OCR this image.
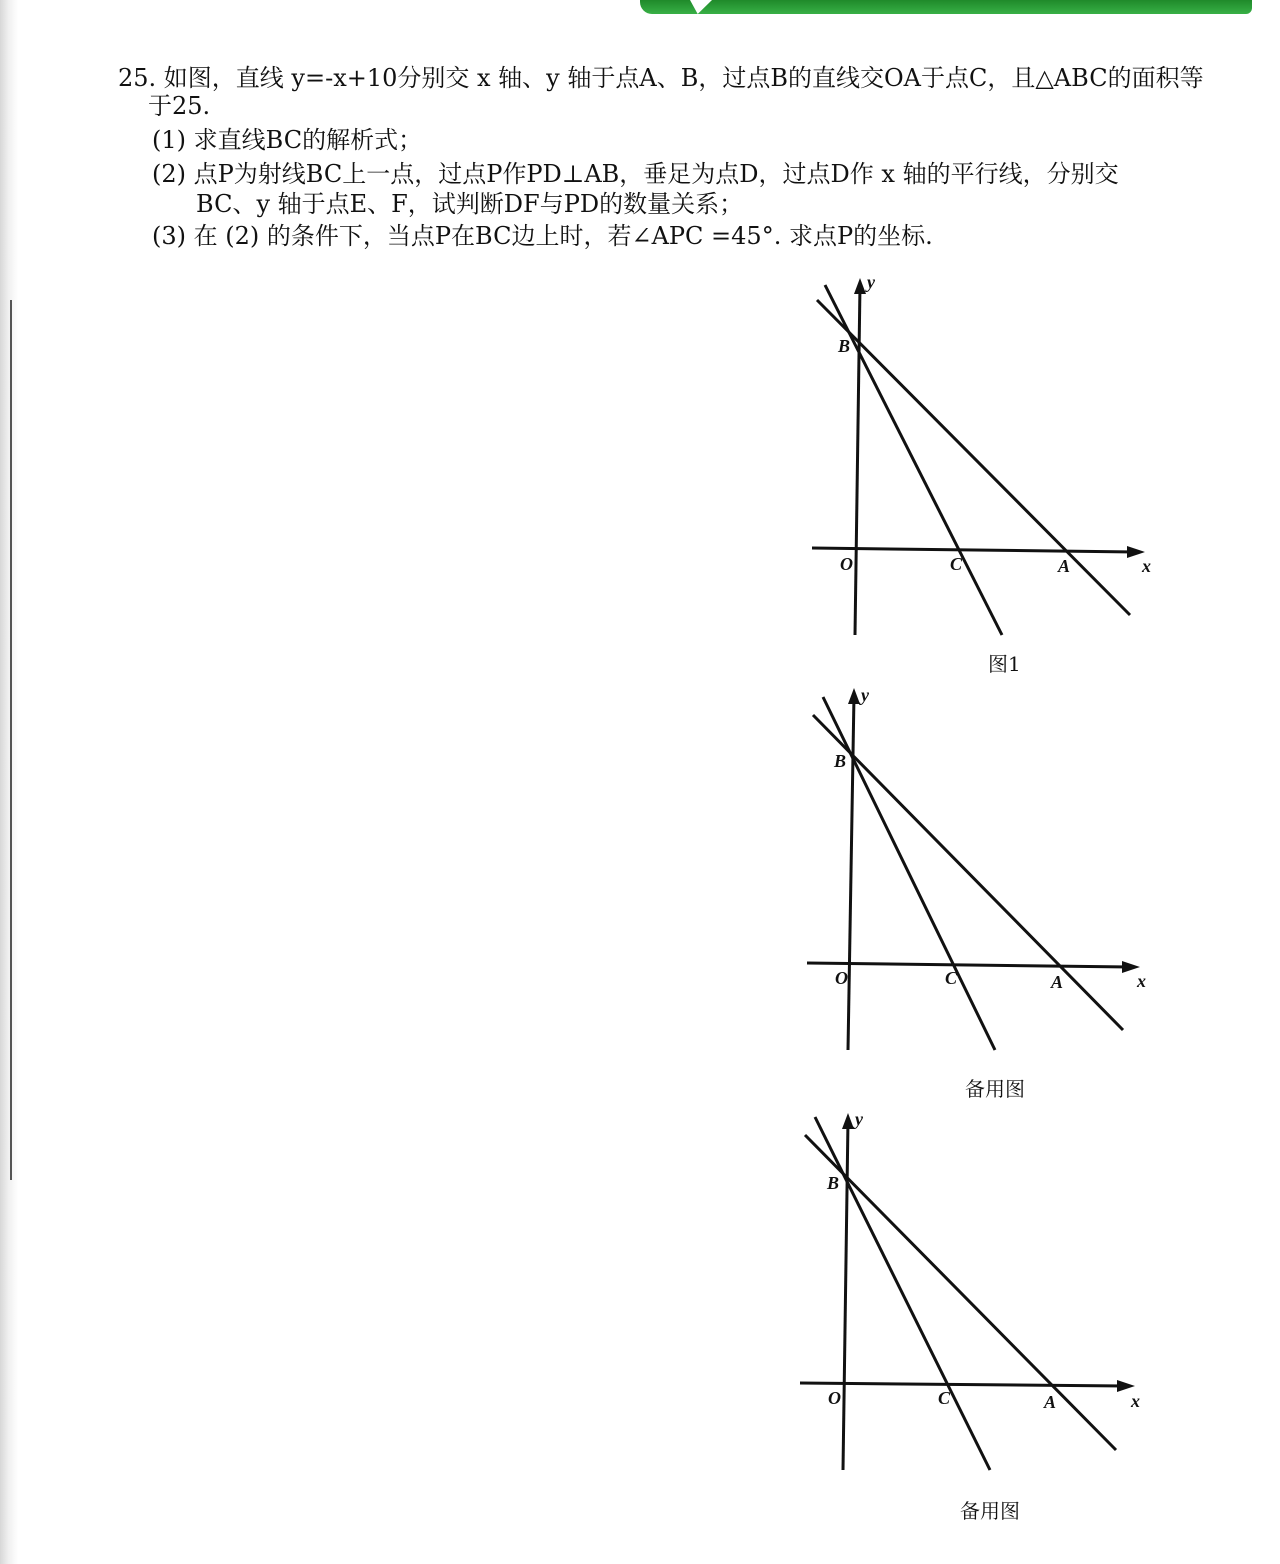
25. 如图，直线 y=-x+10分别交 x 轴、y 轴于点A、B，过点B的直线交OA于点C，且△ABC的面积等
于25.
(1) 求直线BC的解析式；
(2) 点P为射线BC上一点，过点P作PD⊥AB，垂足为点D，过点D作 x 轴的平行线，分别交
BC、y 轴于点E、F，试判断DF与PD的数量关系；
(3) 在 (2) 的条件下，当点P在BC边上时，若∠APC =45°. 求点P的坐标.
y
B
O	C	A	x
图1
y
B
O	C	A	x
备用图
y
B
O	C	A	x
备用图
